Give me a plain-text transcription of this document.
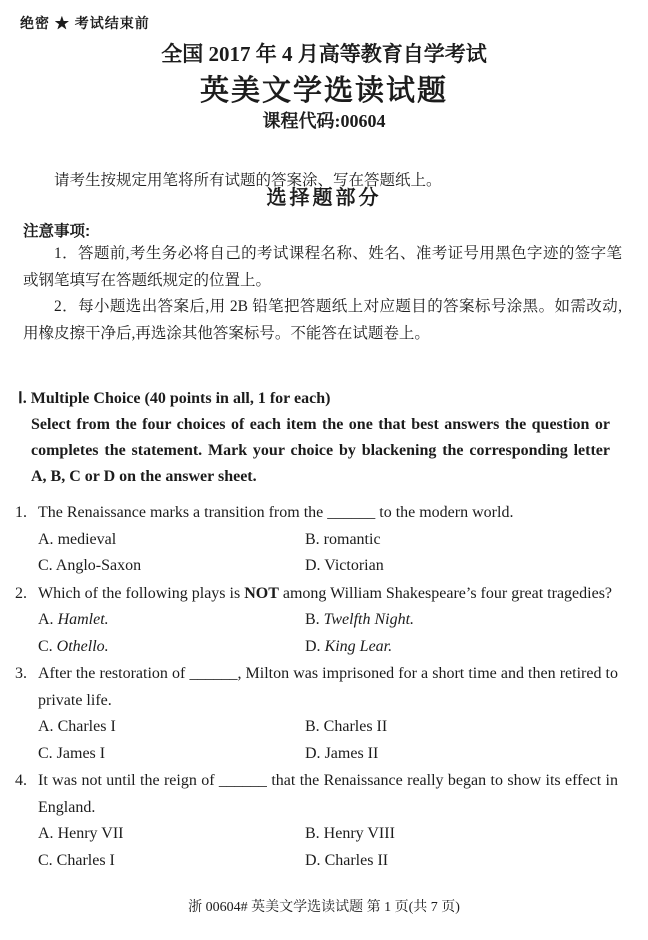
绝密 ★ 考试结束前
全国 2017 年 4 月高等教育自学考试
英美文学选读试题
课程代码:00604

请考生按规定用笔将所有试题的答案涂、写在答题纸上。

选择题部分
注意事项:

1．答题前,考生务必将自己的考试课程名称、姓名、准考证号用黑色字迹的签字笔或钢笔填写在答题纸规定的位置上。

2．每小题选出答案后,用 2B 铅笔把答题纸上对应题目的答案标号涂黑。如需改动,用橡皮擦干净后,再选涂其他答案标号。不能答在试题卷上。

Ⅰ. Multiple Choice (40 points in all, 1 for each)
Select from the four choices of each item the one that best answers the question or completes the statement. Mark your choice by blackening the corresponding letter A, B, C or D on the answer sheet.
1. The Renaissance marks a transition from the ______ to the modern world.
A. medieval	B. romantic
C. Anglo-Saxon	D. Victorian
2. Which of the following plays is NOT among William Shakespeare’s four great tragedies?
A. Hamlet.	B. Twelfth Night.
C. Othello.	D. King Lear.
3. After the restoration of ______, Milton was imprisoned for a short time and then retired to private life.
A. Charles I	B. Charles II
C. James I	D. James II
4. It was not until the reign of ______ that the Renaissance really began to show its effect in England.
A. Henry VII	B. Henry VIII
C. Charles I	D. Charles II
浙 00604# 英美文学选读试题 第 1 页(共 7 页)
